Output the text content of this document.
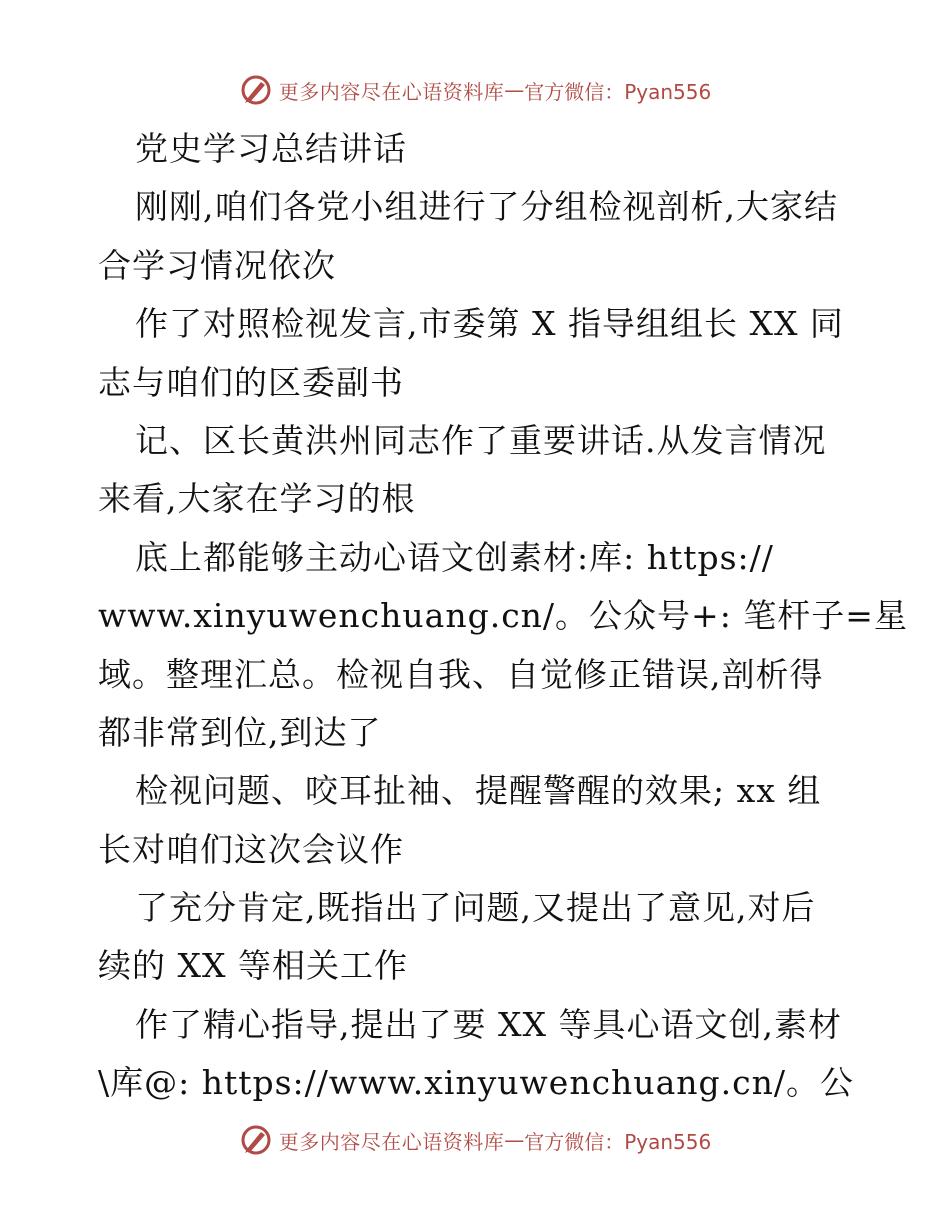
更多内容尽在心语资料库 — 官方微信：Pyan556
党史学习总结讲话
刚刚,咱们各党小组进行了分组检视剖析,大家结
合学习情况依次
作了对照检视发言,市委第 X 指导组组长 XX 同
志与咱们的区委副书
记、区长黄洪州同志作了重要讲话.从发言情况
来看,大家在学习的根
底上都能够主动心语文创素材:库: https://
www.xinyuwenchuang.cn/。公众号+: 笔杆子=星
域。整理汇总。检视自我、自觉修正错误,剖析得
都非常到位,到达了
检视问题、咬耳扯袖、提醒警醒的效果; xx 组
长对咱们这次会议作
了充分肯定,既指出了问题,又提出了意见,对后
续的 XX 等相关工作
作了精心指导,提出了要 XX 等具心语文创,素材
\库@: https://www.xinyuwenchuang.cn/。公
更多内容尽在心语资料库 — 官方微信：Pyan556
